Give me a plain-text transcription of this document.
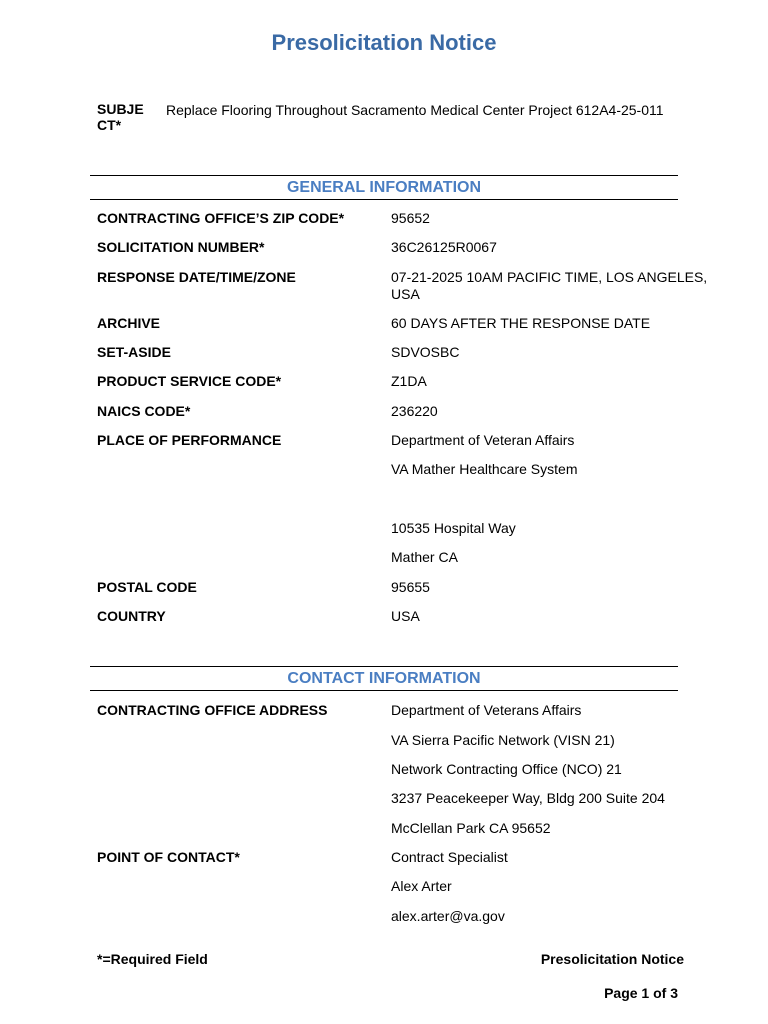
Presolicitation Notice
SUBJECT*
Replace Flooring Throughout Sacramento Medical Center Project 612A4-25-011
GENERAL INFORMATION
CONTRACTING OFFICE’S ZIP CODE*	95652
SOLICITATION NUMBER*	36C26125R0067
RESPONSE DATE/TIME/ZONE	07-21-2025 10AM PACIFIC TIME, LOS ANGELES, USA
ARCHIVE	60 DAYS AFTER THE RESPONSE DATE
SET-ASIDE	SDVOSBC
PRODUCT SERVICE CODE*	Z1DA
NAICS CODE*	236220
PLACE OF PERFORMANCE	Department of Veteran Affairs
VA Mather Healthcare System
10535 Hospital Way
Mather CA
POSTAL CODE	95655
COUNTRY	USA
CONTACT INFORMATION
CONTRACTING OFFICE ADDRESS	Department of Veterans Affairs
VA Sierra Pacific Network (VISN 21)
Network Contracting Office (NCO) 21
3237 Peacekeeper Way, Bldg 200 Suite 204
McClellan Park CA 95652
POINT OF CONTACT*	Contract Specialist
Alex Arter
alex.arter@va.gov
*=Required Field	Presolicitation Notice
Page 1 of 3
